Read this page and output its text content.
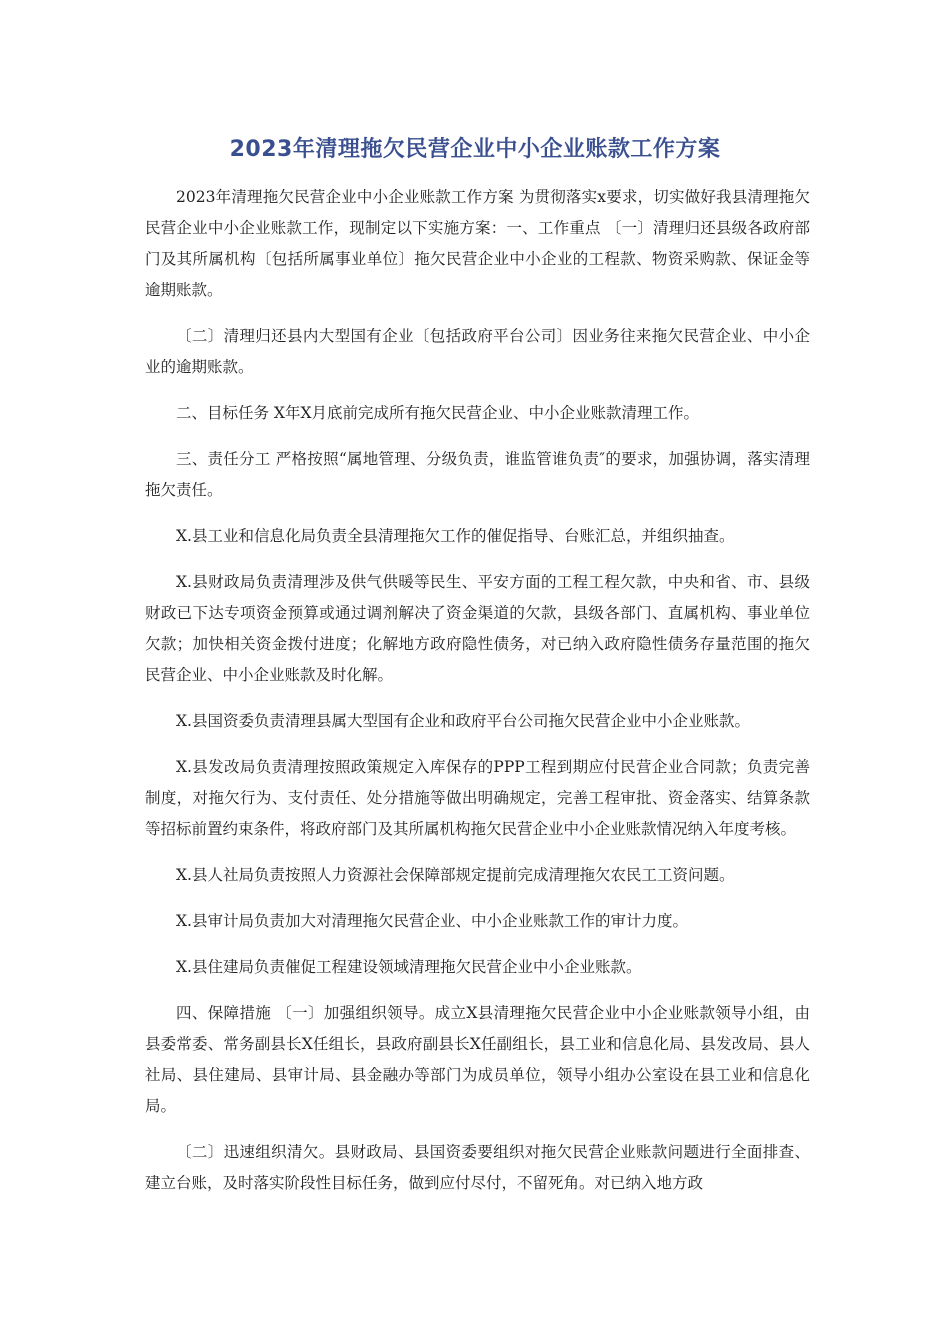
2023年清理拖欠民营企业中小企业账款工作方案

2023年清理拖欠民营企业中小企业账款工作方案 为贯彻落实x要求，切实做好我县清理拖欠民营企业中小企业账款工作，现制定以下实施方案：一、工作重点 〔一〕清理归还县级各政府部门及其所属机构〔包括所属事业单位〕拖欠民营企业中小企业的工程款、物资采购款、保证金等逾期账款。

〔二〕清理归还县内大型国有企业〔包括政府平台公司〕因业务往来拖欠民营企业、中小企业的逾期账款。

二、目标任务 X年X月底前完成所有拖欠民营企业、中小企业账款清理工作。

三、责任分工 严格按照“属地管理、分级负责，谁监管谁负责″的要求，加强协调，落实清理拖欠责任。

X.县工业和信息化局负责全县清理拖欠工作的催促指导、台账汇总，并组织抽查。

X.县财政局负责清理涉及供气供暖等民生、平安方面的工程工程欠款，中央和省、市、县级财政已下达专项资金预算或通过调剂解决了资金渠道的欠款，县级各部门、直属机构、事业单位欠款；加快相关资金拨付进度；化解地方政府隐性债务，对已纳入政府隐性债务存量范围的拖欠民营企业、中小企业账款及时化解。

X.县国资委负责清理县属大型国有企业和政府平台公司拖欠民营企业中小企业账款。

X.县发改局负责清理按照政策规定入库保存的PPP工程到期应付民营企业合同款；负责完善制度，对拖欠行为、支付责任、处分措施等做出明确规定，完善工程审批、资金落实、结算条款等招标前置约束条件，将政府部门及其所属机构拖欠民营企业中小企业账款情况纳入年度考核。

X.县人社局负责按照人力资源社会保障部规定提前完成清理拖欠农民工工资问题。

X.县审计局负责加大对清理拖欠民营企业、中小企业账款工作的审计力度。

X.县住建局负责催促工程建设领域清理拖欠民营企业中小企业账款。

四、保障措施 〔一〕加强组织领导。成立X县清理拖欠民营企业中小企业账款领导小组，由县委常委、常务副县长X任组长，县政府副县长X任副组长，县工业和信息化局、县发改局、县人社局、县住建局、县审计局、县金融办等部门为成员单位，领导小组办公室设在县工业和信息化局。

〔二〕迅速组织清欠。县财政局、县国资委要组织对拖欠民营企业账款问题进行全面排查、建立台账，及时落实阶段性目标任务，做到应付尽付，不留死角。对已纳入地方政
